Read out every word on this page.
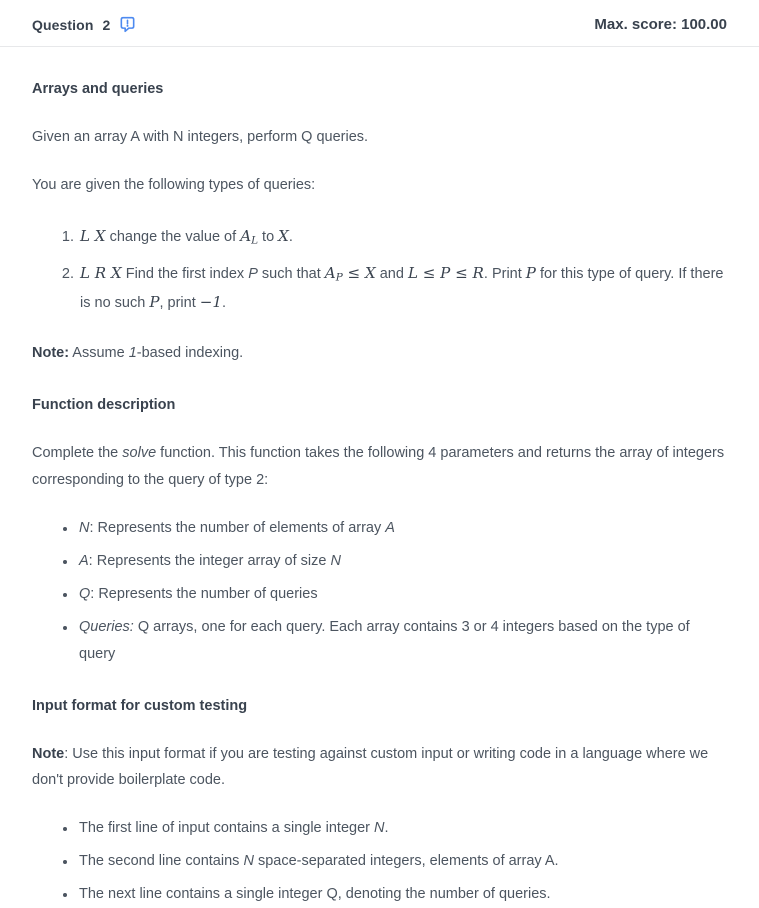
Question 2	Max. score: 100.00
Arrays and queries

Given an array A with N integers, perform Q queries.

You are given the following types of queries:

1. L X change the value of AL to X.
2. L R X Find the first index P such that AP ≤ X and L ≤ P ≤ R. Print P for this type of query. If there is no such P, print −1.

Note: Assume 1-based indexing.

Function description

Complete the solve function. This function takes the following 4 parameters and returns the array of integers corresponding to the query of type 2:

• N: Represents the number of elements of array A
• A: Represents the integer array of size N
• Q: Represents the number of queries
• Queries: Q arrays, one for each query. Each array contains 3 or 4 integers based on the type of query
Input format for custom testing

Note: Use this input format if you are testing against custom input or writing code in a language where we don't provide boilerplate code.

• The first line of input contains a single integer N.
• The second line contains N space-separated integers, elements of array A.
• The next line contains a single integer Q, denoting the number of queries.
